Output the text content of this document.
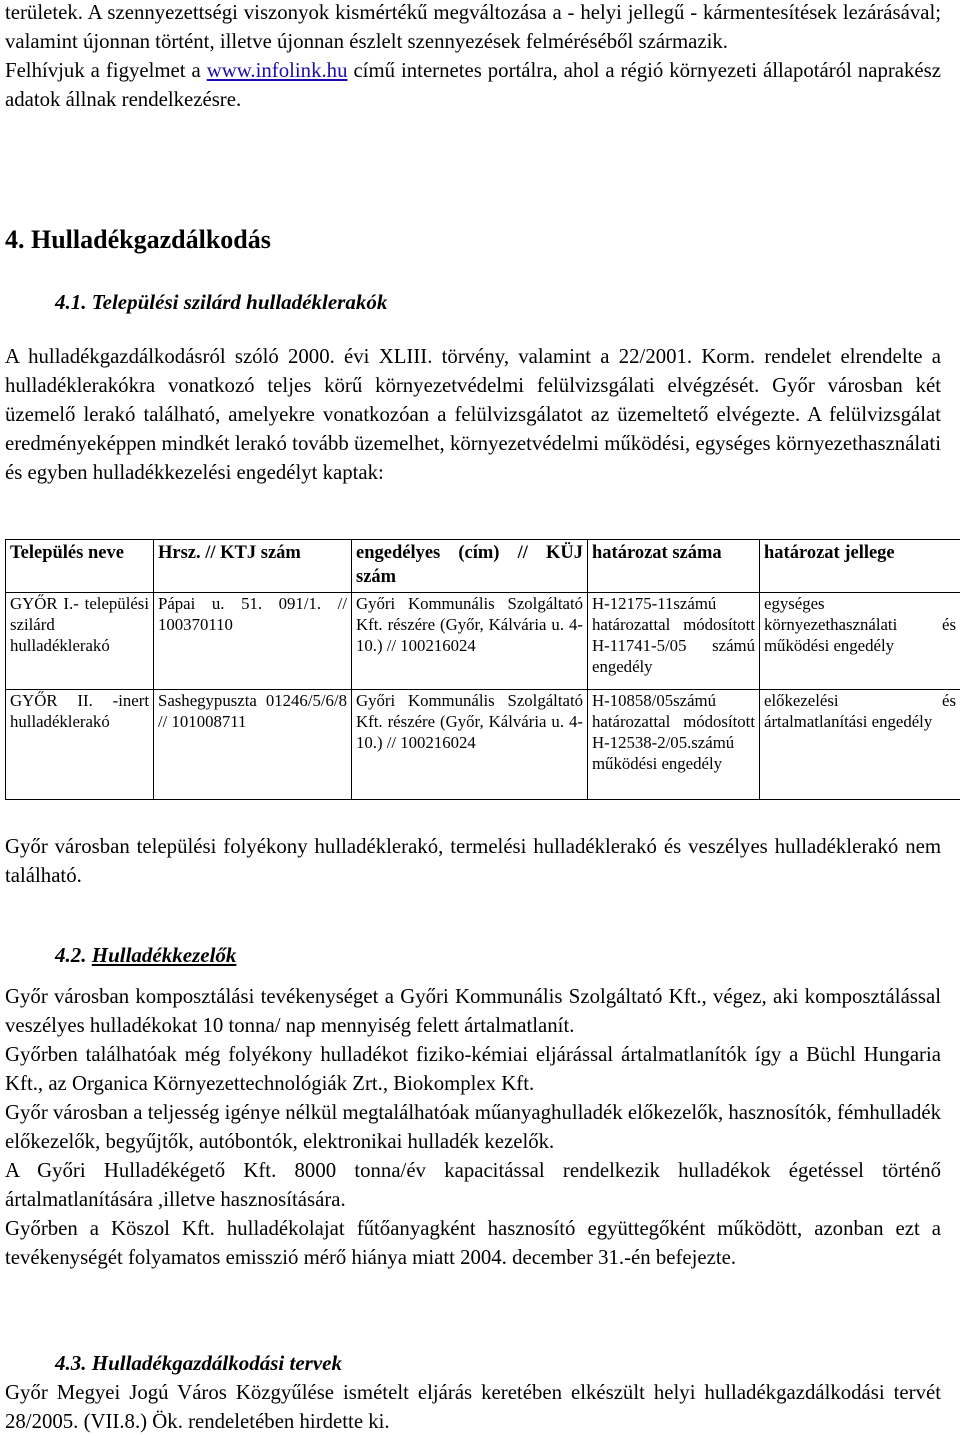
területek. A szennyezettségi viszonyok kismértékű megváltozása a - helyi jellegű - kármentesítések lezárásával; valamint újonnan történt, illetve újonnan észlelt szennyezések felméréséből származik.

Felhívjuk a figyelmet a www.infolink.hu című internetes portálra, ahol a régió környezeti állapotáról naprakész adatok állnak rendelkezésre.

4. Hulladékgazdálkodás
4.1. Települési szilárd hulladéklerakók

A hulladékgazdálkodásról szóló 2000. évi XLIII. törvény, valamint a 22/2001. Korm. rendelet elrendelte a hulladéklerakókra vonatkozó teljes körű környezetvédelmi felülvizsgálati elvégzését. Győr városban két üzemelő lerakó található, amelyekre vonatkozóan a felülvizsgálatot az üzemeltető elvégezte. A felülvizsgálat eredményeképpen mindkét lerakó tovább üzemelhet, környezetvédelmi működési, egységes környezethasználati és egyben hulladékkezelési engedélyt kaptak:

Település neve	Hrsz. // KTJ szám	engedélyes (cím) // KÜJ szám	határozat száma	határozat jellege

GYŐR I.- települési szilárd hulladéklerakó	Pápai u. 51. 091/1. // 100370110	Győri Kommunális Szolgáltató Kft. részére (Győr, Kálvária u. 4-10.) // 100216024	H-12175-11számú határozattal módosított H-11741-5/05 számú engedély	egységes környezethasználati és működési engedély

GYŐR II. -inert hulladéklerakó	Sashegypuszta 01246/5/6/8 // 101008711	Győri Kommunális Szolgáltató Kft. részére (Győr, Kálvária u. 4-10.) // 100216024	H-10858/05számú határozattal módosított H-12538-2/05.számú működési engedély	előkezelési és ártalmatlanítási engedély

Győr városban települési folyékony hulladéklerakó, termelési hulladéklerakó és veszélyes hulladéklerakó nem található.

4.2. Hulladékkezelők

Győr városban komposztálási tevékenységet a Győri Kommunális Szolgáltató Kft., végez, aki komposztálással veszélyes hulladékokat 10 tonna/ nap mennyiség felett ártalmatlanít.

Győrben találhatóak még folyékony hulladékot fiziko-kémiai eljárással ártalmatlanítók így a Büchl Hungaria Kft., az Organica Környezettechnológiák Zrt., Biokomplex Kft.

Győr városban a teljesség igénye nélkül megtalálhatóak műanyaghulladék előkezelők, hasznosítók, fémhulladék előkezelők, begyűjtők, autóbontók, elektronikai hulladék kezelők.

A Győri Hulladékégető Kft. 8000 tonna/év kapacitással rendelkezik hulladékok égetéssel történő ártalmatlanítására ,illetve hasznosítására.

Győrben a Köszol Kft. hulladékolajat fűtőanyagként hasznosító együttegőként működött, azonban ezt a tevékenységét folyamatos emisszió mérő hiánya miatt 2004. december 31.-én befejezte.

4.3. Hulladékgazdálkodási tervek

Győr Megyei Jogú Város Közgyűlése ismételt eljárás keretében elkészült helyi hulladékgazdálkodási tervét 28/2005. (VII.8.) Ök. rendeletében hirdette ki.
